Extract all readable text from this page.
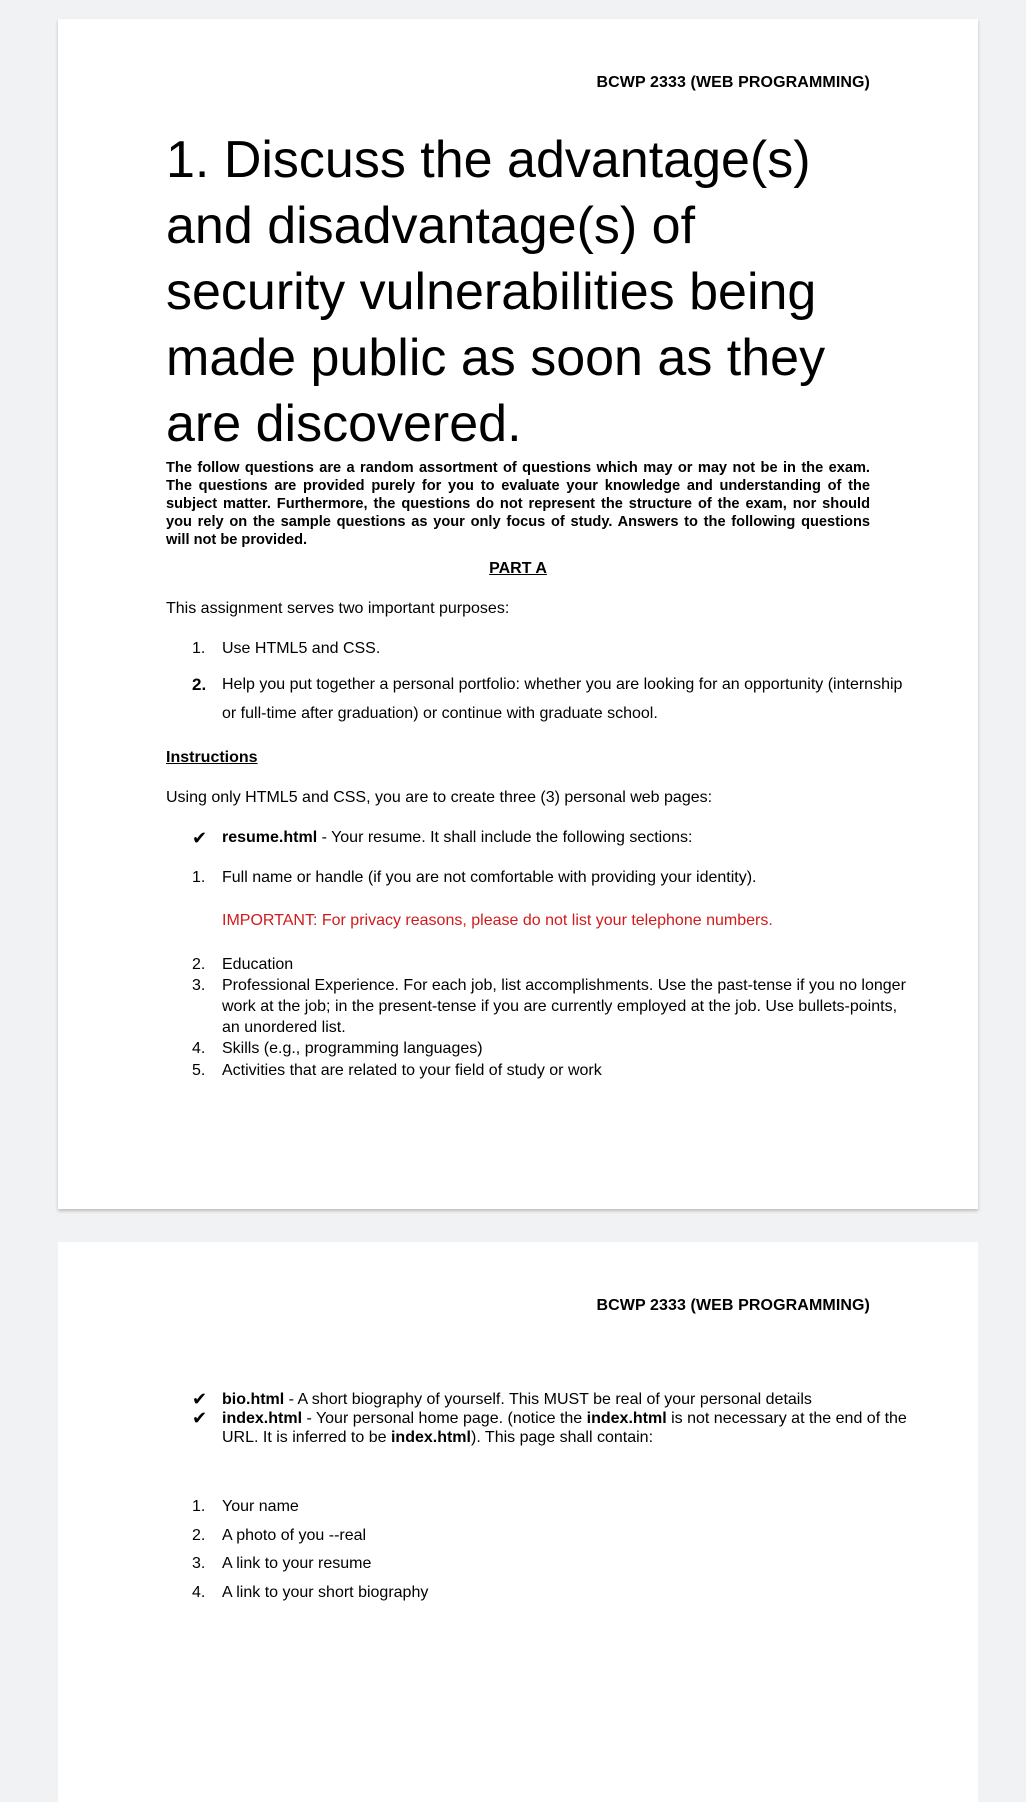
BCWP 2333 (WEB PROGRAMMING)
1. Discuss the advantage(s) and disadvantage(s) of security vulnerabilities being made public as soon as they are discovered.

The follow questions are a random assortment of questions which may or may not be in the exam. The questions are provided purely for you to evaluate your knowledge and understanding of the subject matter. Furthermore, the questions do not represent the structure of the exam, nor should you rely on the sample questions as your only focus of study. Answers to the following questions will not be provided.

PART A

This assignment serves two important purposes:

1.	Use HTML5 and CSS.
2. Help you put together a personal portfolio: whether you are looking for an opportunity (internship or full-time after graduation) or continue with graduate school.

Instructions

Using only HTML5 and CSS, you are to create three (3) personal web pages:

✔ resume.html - Your resume. It shall include the following sections:
1.	Full name or handle (if you are not comfortable with providing your identity).
IMPORTANT: For privacy reasons, please do not list your telephone numbers.
2.	Education
3.	Professional Experience. For each job, list accomplishments. Use the past-tense if you no longer work at the job; in the present-tense if you are currently employed at the job. Use bullets-points, an unordered list.
4.	Skills (e.g., programming languages)
5.	Activities that are related to your field of study or work
BCWP 2333 (WEB PROGRAMMING)
✔ bio.html - A short biography of yourself. This MUST be real of your personal details
✔ index.html - Your personal home page. (notice the index.html is not necessary at the end of the URL. It is inferred to be index.html). This page shall contain:
1.	Your name
2.	A photo of you --real
3.	A link to your resume
4.	A link to your short biography
